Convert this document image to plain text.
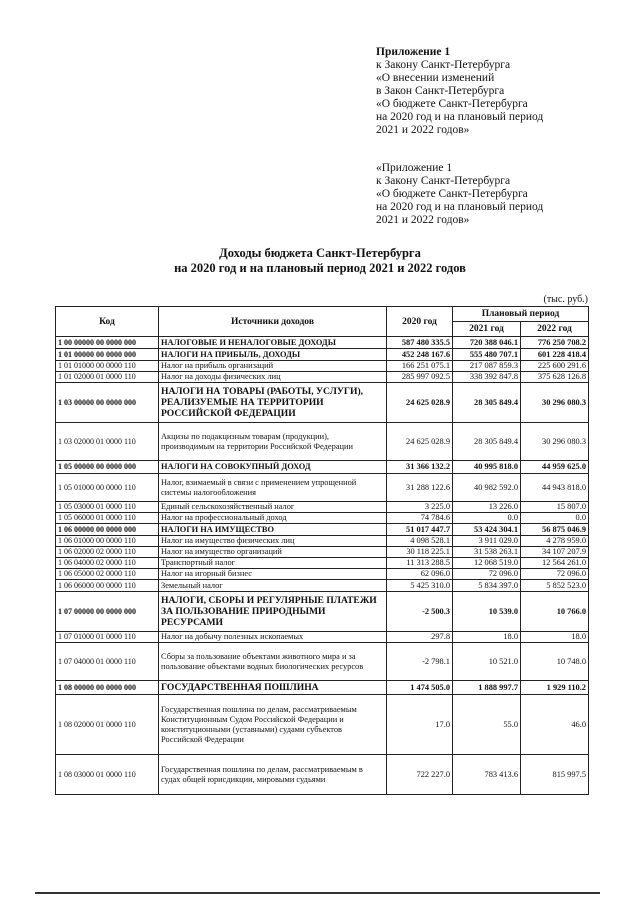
Приложение 1
к Закону Санкт-Петербурга
«О внесении изменений
в Закон Санкт-Петербурга
«О бюджете Санкт-Петербурга
на 2020 год и на плановый период
2021 и 2022 годов»
«Приложение 1
к Закону Санкт-Петербурга
«О бюджете Санкт-Петербурга
на 2020 год и на плановый период
2021 и 2022 годов»
Доходы бюджета Санкт-Петербурга
на 2020 год и на плановый период 2021 и 2022 годов
(тыс. руб.)
Код	Источники доходов	2020 год	Плановый период	
			2021 год	2022 год
1 00 00000 00 0000 000	НАЛОГОВЫЕ И НЕНАЛОГОВЫЕ ДОХОДЫ	587 480 335.5	720 388 046.1	776 250 708.2
1 01 00000 00 0000 000	НАЛОГИ НА ПРИБЫЛЬ, ДОХОДЫ	452 248 167.6	555 480 707.1	601 228 418.4
1 01 01000 00 0000 110	Налог на прибыль организаций	166 251 075.1	217 087 859.3	225 600 291.6
1 01 02000 01 0000 110	Налог на доходы физических лиц	285 997 092.5	338 392 847.8	375 628 126.8
1 03 00000 00 0000 000	НАЛОГИ НА ТОВАРЫ (РАБОТЫ, УСЛУГИ), РЕАЛИЗУЕМЫЕ НА ТЕРРИТОРИИ РОССИЙСКОЙ ФЕДЕРАЦИИ	24 625 028.9	28 305 849.4	30 296 080.3
1 03 02000 01 0000 110	Акцизы по подакцизным товарам (продукции), производимым на территории Российской Федерации	24 625 028.9	28 305 849.4	30 296 080.3
1 05 00000 00 0000 000	НАЛОГИ НА СОВОКУПНЫЙ ДОХОД	31 366 132.2	40 995 818.0	44 959 625.0
1 05 01000 00 0000 110	Налог, взимаемый в связи с применением упрощенной системы налогообложения	31 288 122.6	40 982 592.0	44 943 818.0
1 05 03000 01 0000 110	Единый сельскохозяйственный налог	3 225.0	13 226.0	15 807.0
1 05 06000 01 0000 110	Налог на профессиональный доход	74 784.6	0.0	0.0
1 06 00000 00 0000 000	НАЛОГИ НА ИМУЩЕСТВО	51 017 447.7	53 424 304.1	56 875 046.9
1 06 01000 00 0000 110	Налог на имущество физических лиц	4 098 528.1	3 911 029.0	4 278 959.0
1 06 02000 02 0000 110	Налог на имущество организаций	30 118 225.1	31 538 263.1	34 107 207.9
1 06 04000 02 0000 110	Транспортный налог	11 313 288.5	12 068 519.0	12 564 261.0
1 06 05000 02 0000 110	Налог на игорный бизнес	62 096.0	72 096.0	72 096.0
1 06 06000 00 0000 110	Земельный налог	5 425 310.0	5 834 397.0	5 852 523.0
1 07 00000 00 0000 000	НАЛОГИ, СБОРЫ И РЕГУЛЯРНЫЕ ПЛАТЕЖИ ЗА ПОЛЬЗОВАНИЕ ПРИРОДНЫМИ РЕСУРСАМИ	-2 500.3	10 539.0	10 766.0
1 07 01000 01 0000 110	Налог на добычу полезных ископаемых	297.8	18.0	18.0
1 07 04000 01 0000 110	Сборы за пользование объектами животного мира и за пользование объектами водных биологических ресурсов	-2 798.1	10 521.0	10 748.0
1 08 00000 00 0000 000	ГОСУДАРСТВЕННАЯ ПОШЛИНА	1 474 505.0	1 888 997.7	1 929 110.2
1 08 02000 01 0000 110	Государственная пошлина по делам, рассматриваемым Конституционным Судом Российской Федерации и конституционными (уставными) судами субъектов Российской Федерации	17.0	55.0	46.0
1 08 03000 01 0000 110	Государственная пошлина по делам, рассматриваемым в судах общей юрисдикции, мировыми судьями	722 227.0	783 413.6	815 997.5
